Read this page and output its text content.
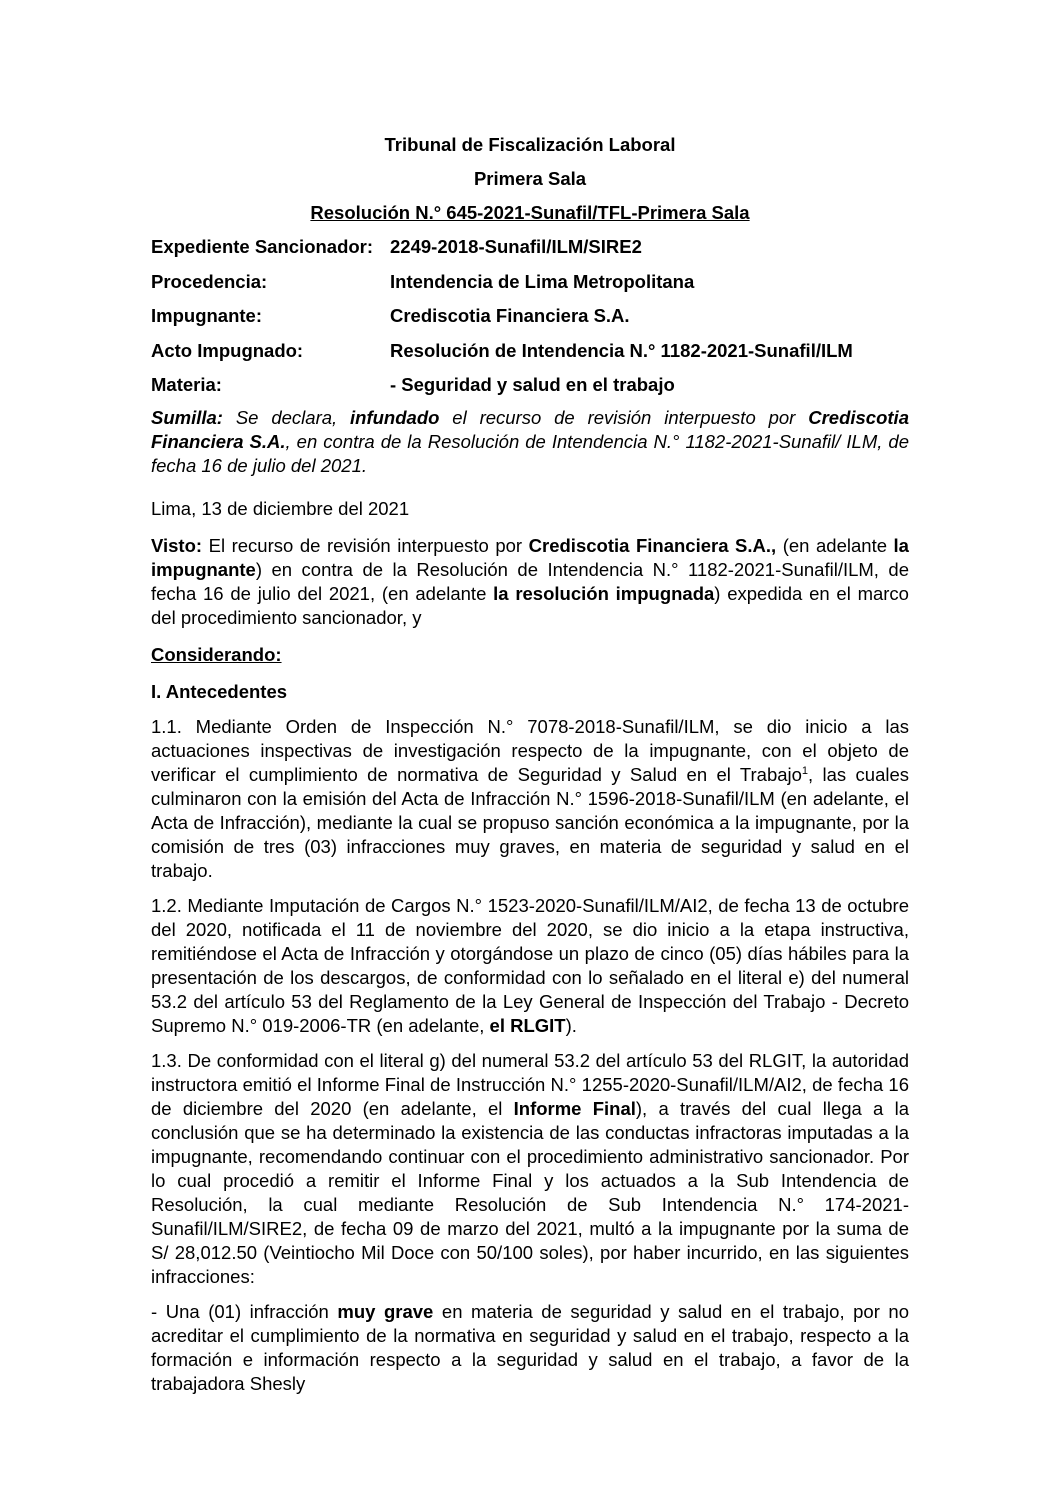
Tribunal de Fiscalización Laboral
Primera Sala
Resolución N.° 645-2021-Sunafil/TFL-Primera Sala
Expediente Sancionador: 2249-2018-Sunafil/ILM/SIRE2
Procedencia:	Intendencia de Lima Metropolitana
Impugnante:	Crediscotia Financiera S.A.
Acto Impugnado:	Resolución de Intendencia N.° 1182-2021-Sunafil/ILM
Materia:	- Seguridad y salud en el trabajo

Sumilla: Se declara, infundado el recurso de revisión interpuesto por Crediscotia Financiera S.A., en contra de la Resolución de Intendencia N.° 1182-2021-Sunafil/ ILM, de fecha 16 de julio del 2021.

Lima, 13 de diciembre del 2021

Visto: El recurso de revisión interpuesto por Crediscotia Financiera S.A., (en adelante la impugnante) en contra de la Resolución de Intendencia N.° 1182-2021-Sunafil/ILM, de fecha 16 de julio del 2021, (en adelante la resolución impugnada) expedida en el marco del procedimiento sancionador, y

Considerando:
I. Antecedentes

1.1. Mediante Orden de Inspección N.° 7078-2018-Sunafil/ILM, se dio inicio a las actuaciones inspectivas de investigación respecto de la impugnante, con el objeto de verificar el cumplimiento de normativa de Seguridad y Salud en el Trabajo$^1$, las cuales culminaron con la emisión del Acta de Infracción N.° 1596-2018-Sunafil/ILM (en adelante, el Acta de Infracción), mediante la cual se propuso sanción económica a la impugnante, por la comisión de tres (03) infracciones muy graves, en materia de seguridad y salud en el trabajo.

1.2. Mediante Imputación de Cargos N.° 1523-2020-Sunafil/ILM/AI2, de fecha 13 de octubre del 2020, notificada el 11 de noviembre del 2020, se dio inicio a la etapa instructiva, remitiéndose el Acta de Infracción y otorgándose un plazo de cinco (05) días hábiles para la presentación de los descargos, de conformidad con lo señalado en el literal e) del numeral 53.2 del artículo 53 del Reglamento de la Ley General de Inspección del Trabajo - Decreto Supremo N.° 019-2006-TR (en adelante, el RLGIT).

1.3. De conformidad con el literal g) del numeral 53.2 del artículo 53 del RLGIT, la autoridad instructora emitió el Informe Final de Instrucción N.° 1255-2020-Sunafil/ILM/AI2, de fecha 16 de diciembre del 2020 (en adelante, el Informe Final), a través del cual llega a la conclusión que se ha determinado la existencia de las conductas infractoras imputadas a la impugnante, recomendando continuar con el procedimiento administrativo sancionador. Por lo cual procedió a remitir el Informe Final y los actuados a la Sub Intendencia de Resolución, la cual mediante Resolución de Sub Intendencia N.° 174-2021- Sunafil/ILM/SIRE2, de fecha 09 de marzo del 2021, multó a la impugnante por la suma de S/ 28,012.50 (Veintiocho Mil Doce con 50/100 soles), por haber incurrido, en las siguientes infracciones:

- Una (01) infracción muy grave en materia de seguridad y salud en el trabajo, por no acreditar el cumplimiento de la normativa en seguridad y salud en el trabajo, respecto a la formación e información respecto a la seguridad y salud en el trabajo, a favor de la trabajadora Shesly
